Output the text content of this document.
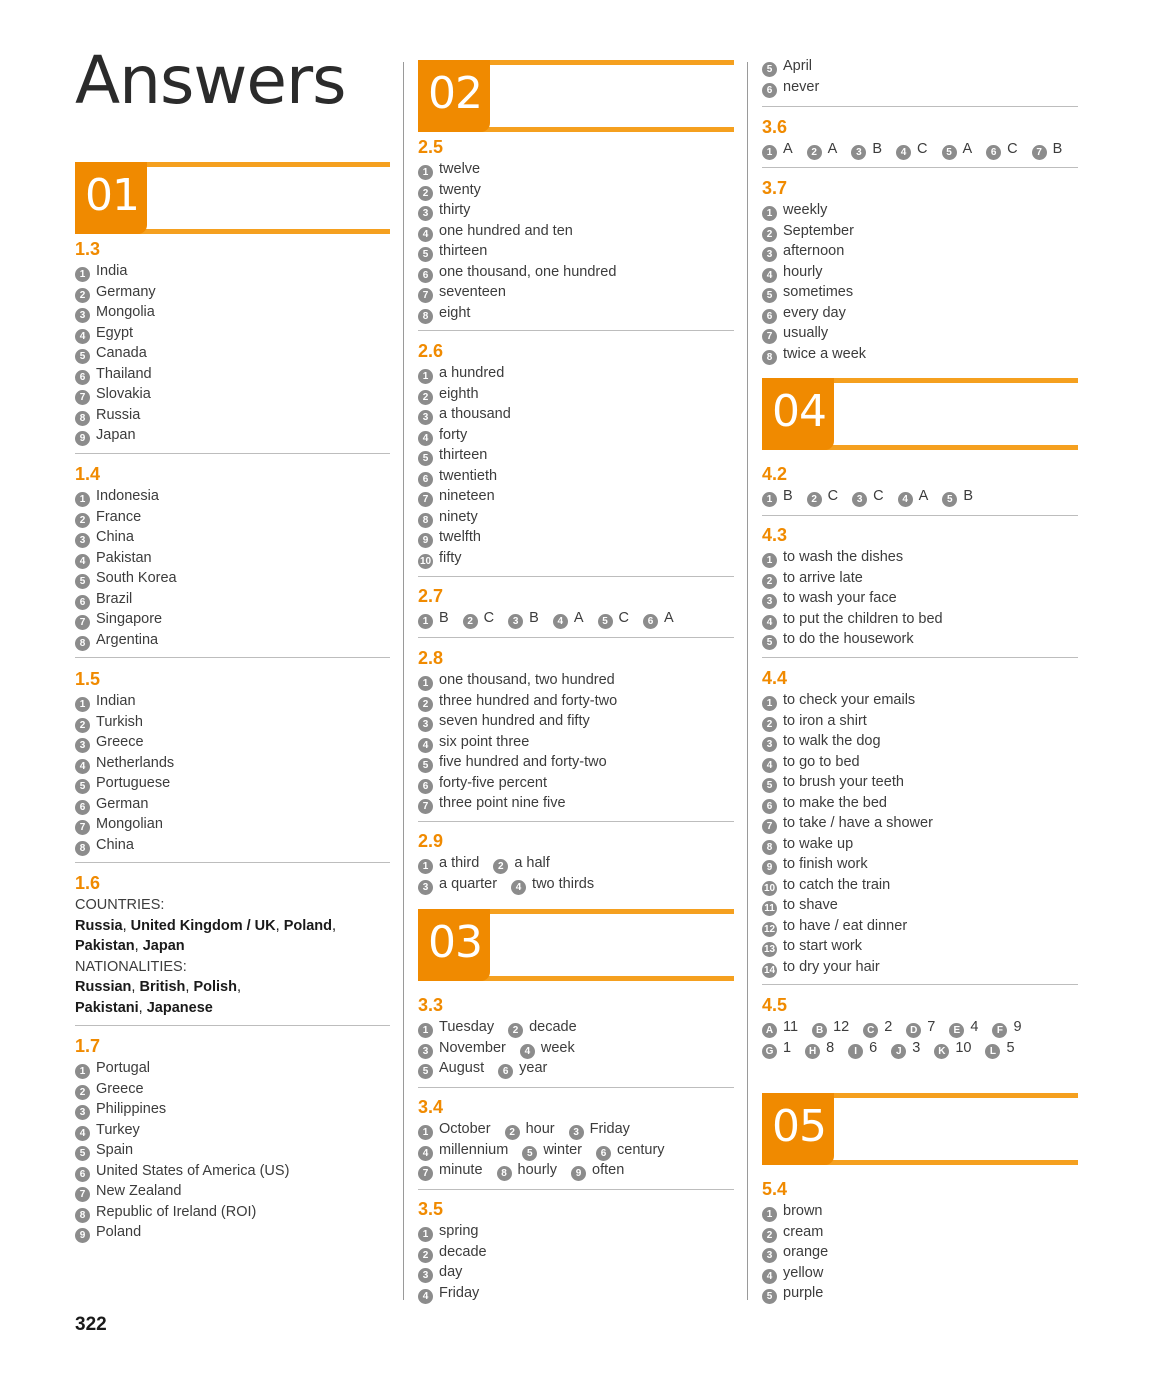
Answers
322
01
1.3
1 India
2 Germany
3 Mongolia
4 Egypt
5 Canada
6 Thailand
7 Slovakia
8 Russia
9 Japan
1.4
1 Indonesia
2 France
3 China
4 Pakistan
5 South Korea
6 Brazil
7 Singapore
8 Argentina
1.5
1 Indian
2 Turkish
3 Greece
4 Netherlands
5 Portuguese
6 German
7 Mongolian
8 China
1.6
COUNTRIES:
Russia, United Kingdom / UK, Poland,
Pakistan, Japan
NATIONALITIES:
Russian, British, Polish,
Pakistani, Japanese
1.7
1 Portugal
2 Greece
3 Philippines
4 Turkey
5 Spain
6 United States of America (US)
7 New Zealand
8 Republic of Ireland (ROI)
9 Poland
02
2.5
1 twelve
2 twenty
3 thirty
4 one hundred and ten
5 thirteen
6 one thousand, one hundred
7 seventeen
8 eight
2.6
1 a hundred
2 eighth
3 a thousand
4 forty
5 thirteen
6 twentieth
7 nineteen
8 ninety
9 twelfth
10 fifty
2.7
1 B 2 C 3 B 4 A 5 C 6 A
2.8
1 one thousand, two hundred
2 three hundred and forty-two
3 seven hundred and fifty
4 six point three
5 five hundred and forty-two
6 forty-five percent
7 three point nine five
2.9
1 a third 2 a half
3 a quarter 4 two thirds
03
3.3
1 Tuesday 2 decade
3 November 4 week
5 August 6 year
3.4
1 October 2 hour 3 Friday
4 millennium 5 winter 6 century
7 minute 8 hourly 9 often
3.5
1 spring
2 decade
3 day
4 Friday
5 April
6 never
3.6
1 A 2 A 3 B 4 C 5 A 6 C 7 B
3.7
1 weekly
2 September
3 afternoon
4 hourly
5 sometimes
6 every day
7 usually
8 twice a week
04
4.2
1 B 2 C 3 C 4 A 5 B
4.3
1 to wash the dishes
2 to arrive late
3 to wash your face
4 to put the children to bed
5 to do the housework
4.4
1 to check your emails
2 to iron a shirt
3 to walk the dog
4 to go to bed
5 to brush your teeth
6 to make the bed
7 to take / have a shower
8 to wake up
9 to finish work
10 to catch the train
11 to shave
12 to have / eat dinner
13 to start work
14 to dry your hair
4.5
A 11 B 12 C 2 D 7 E 4 F 9
G 1 H 8 I 6 J 3 K 10 L 5
05
5.4
1 brown
2 cream
3 orange
4 yellow
5 purple
